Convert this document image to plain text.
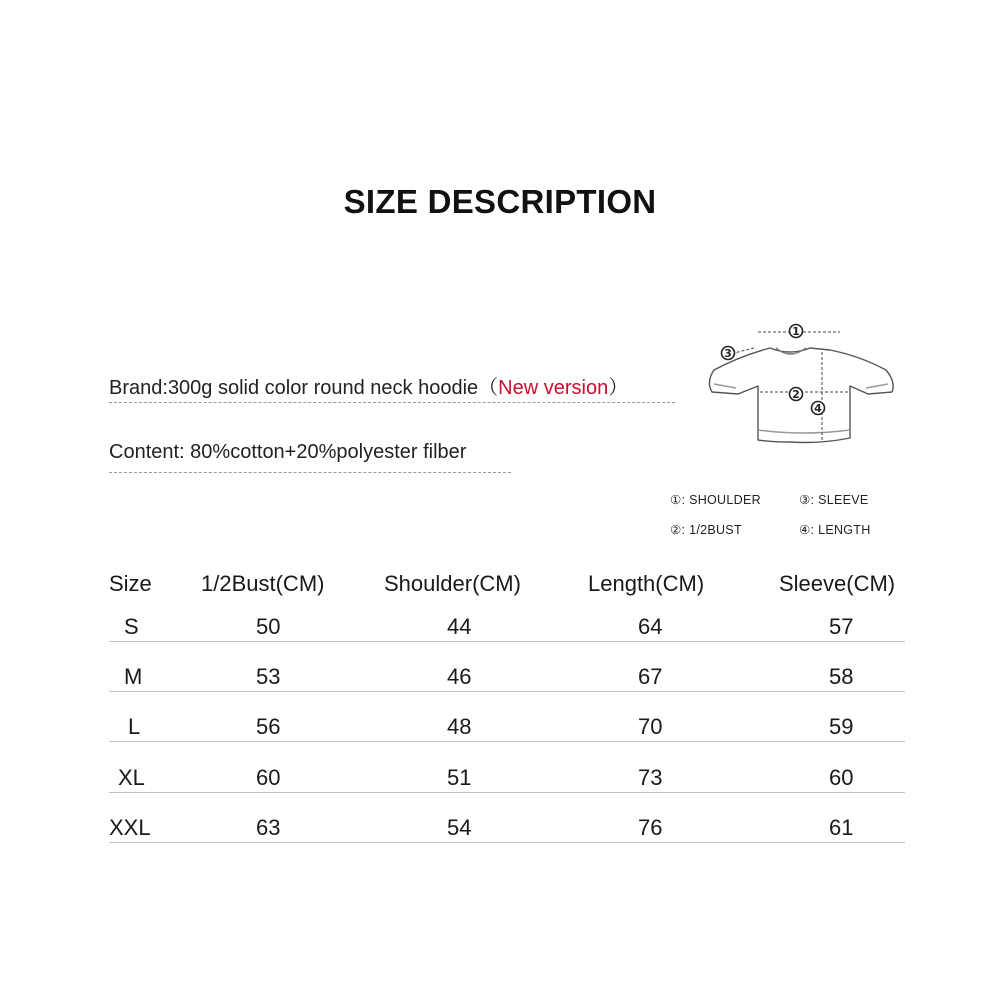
SIZE DESCRIPTION
Brand:300g solid color round neck hoodie（New version）
Content: 80%cotton+20%polyester filber
1
2
3
4
①: SHOULDER	③: SLEEVE
②: 1/2BUST	④: LENGTH
Size 1/2Bust(CM)	Shoulder(CM)	Length(CM)	Sleeve(CM)
S	50	44	64	57
M	53	46	67	58
L	56	48	70	59
XL	60	51	73	60
XXL	63	54	76	61
